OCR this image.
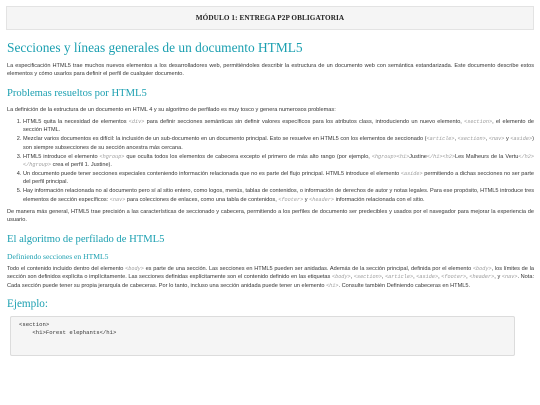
MÓDULO 1: ENTREGA P2P OBLIGATORIA
Secciones y líneas generales de un documento HTML5

La especificación HTML5 trae muchos nuevos elementos a los desarrolladores web, permitiéndoles describir la estructura de un documento web con semántica estandarizada. Este documento describe estos elementos y cómo usarlos para definir el perfil de cualquier documento.

Problemas resueltos por HTML5

La definición de la estructura de un documento en HTML 4 y su algoritmo de perfilado es muy tosco y genera numerosos problemas:

1. HTML5 quita la necesidad de elementos <div> para definir secciones semánticas sin definir valores específicos para los atributos class, introduciendo un nuevo elemento, <section>, el elemento de sección HTML.
2. Mezclar varios documentos es difícil: la inclusión de un sub-documento en un documento principal. Esto se resuelve en HTML5 con los elementos de seccionado (<article>, <section>, <nav> y <aside>) son siempre subsecciones de su sección ancestra más cercana.
3. HTML5 introduce el elemento <hgroup> que oculta todos los elementos de cabecera excepto el primero de más alto rango (por ejemplo, <hgroup><h1>Justine</h1><h2>Les Malheurs de la Vertu</h2></hgroup> crea el perfil 1. Justine).
4. Un documento puede tener secciones especiales conteniendo información relacionada que no es parte del flujo principal. HTML5 introduce el elemento <aside> permitiendo a dichas secciones no ser parte del perfil principal.
5. Hay información relacionada no al documento pero sí al sitio entero, como logos, menús, tablas de contenidos, o información de derechos de autor y notas legales. Para ese propósito, HTML5 introduce tres elementos de sección específicos: <nav> para colecciones de enlaces, como una tabla de contenidos, <footer> y <header> información relacionada con el sitio.

De manera más general, HTML5 trae precisión a las características de seccionado y cabecera, permitiendo a los perfiles de documento ser predecibles y usados por el navegador para mejorar la experiencia de usuario.

El algoritmo de perfilado de HTML5
Definiendo secciones en HTML5

Todo el contenido incluido dentro del elemento <body> es parte de una sección. Las secciones en HTML5 pueden ser anidadas. Además de la sección principal, definida por el elemento <body>, los límites de la sección son definidos explícita o implícitamente. Las secciones definidas explícitamente son el contenido definido en las etiquetas <body>, <section>, <article>, <aside>, <footer>, <header>, y <nav>. Nota: Cada sección puede tener su propia jerarquía de cabeceras. Por lo tanto, incluso una sección anidada puede tener un elemento <h1>. Consulte también Definiendo cabeceras en HTML5.

Ejemplo:
<section>
<h1>Forest elephants</h1>
